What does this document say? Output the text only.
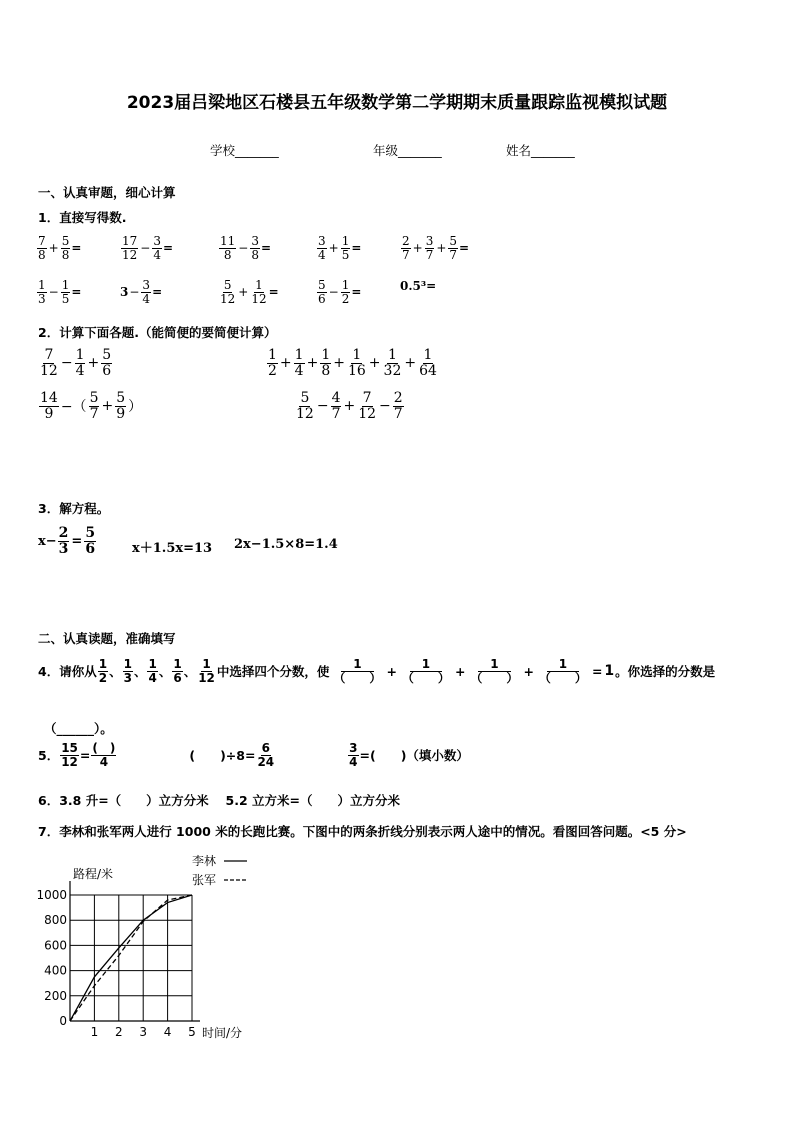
2023届吕梁地区石楼县五年级数学第二学期期末质量跟踪监视模拟试题
学校_______	年级_______	姓名_______
一、认真审题，细心计算
1．直接写得数.
$\frac{7}{8} + \frac{5}{8}$ =	$\frac{17}{12} - \frac{3}{4}$ =	$\frac{11}{8} - \frac{3}{8}$ =	$\frac{3}{4} + \frac{1}{5}$ =	$\frac{2}{7} + \frac{3}{7} + \frac{5}{7}$ =
$\frac{1}{3} - \frac{1}{5}$ =	$3 - \frac{3}{4}$ =	$\frac{5}{12} + \frac{1}{12}$ =	$\frac{5}{6} - \frac{1}{2}$ =	0.5³ =
2．计算下面各题.（能简便的要简便计算）
$\frac{7}{12} - \frac{1}{4} + \frac{5}{6}$	$\frac{1}{2} + \frac{1}{4} + \frac{1}{8} + \frac{1}{16} + \frac{1}{32} + \frac{1}{64}$
$\frac{14}{9}$ −（ $\frac{5}{7} + \frac{5}{9}$ ）	$\frac{5}{12} - \frac{4}{7} + \frac{7}{12} - \frac{2}{7}$
3．解方程。
$x- \frac{2}{3} = \frac{5}{6}$	x＋1.5x=13 2x−1.5×8=1.4
二、认真读题，准确填写
4．请你从 $\frac{1}{2}$ 、 $\frac{1}{3}$ 、 $\frac{1}{4}$ 、 $\frac{1}{6}$ 、 $\frac{1}{12}$ 中选择四个分数，使 $\frac{1}{( )} + \frac{1}{( )} + \frac{1}{( )} + \frac{1}{( )} = 1$ 。你选择的分数是
（______）。
5． $\frac{15}{12} = \frac{( )}{4}$	(　　)$\div 8= \frac{6}{24}$	$\frac{3}{4}$ =(　　)（填小数）
6．3.8 升=（　　）立方分米　 5.2 立方米=（　　）立方分米
7．李林和张军两人进行 1000 米的长跑比赛。下图中的两条折线分别表示两人途中的情况。看图回答问题。<5 分>
0
200
400
600
800
1000
1 2 3 4 5
路程/米
时间/分
李林
张军
